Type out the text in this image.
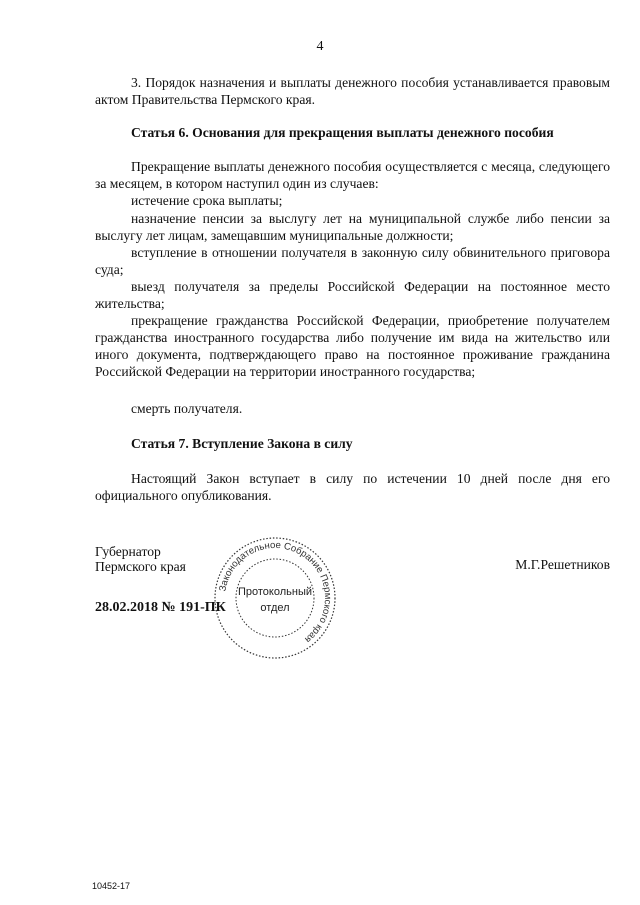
4
3. Порядок назначения и выплаты денежного пособия устанавливается правовым актом Правительства Пермского края.
Статья 6. Основания для прекращения выплаты денежного пособия
Прекращение выплаты денежного пособия осуществляется с месяца, следующего за месяцем, в котором наступил один из случаев:
истечение срока выплаты;
назначение пенсии за выслугу лет на муниципальной службе либо пенсии за выслугу лет лицам, замещавшим муниципальные должности;
вступление в отношении получателя в законную силу обвинительного приговора суда;
выезд получателя за пределы Российской Федерации на постоянное место жительства;
прекращение гражданства Российской Федерации, приобретение получателем гражданства иностранного государства либо получение им вида на жительство или иного документа, подтверждающего право на постоянное проживание гражданина Российской Федерации на территории иностранного государства;
смерть получателя.
Статья 7. Вступление Закона в силу
Настоящий Закон вступает в силу по истечении 10 дней после дня его официального опубликования.
Губернатор
Пермского края	М.Г.Решетников
28.02.2018 № 191-ПК
Законодательное Собрание Пермского края
Протокольный
отдел
10452-17
